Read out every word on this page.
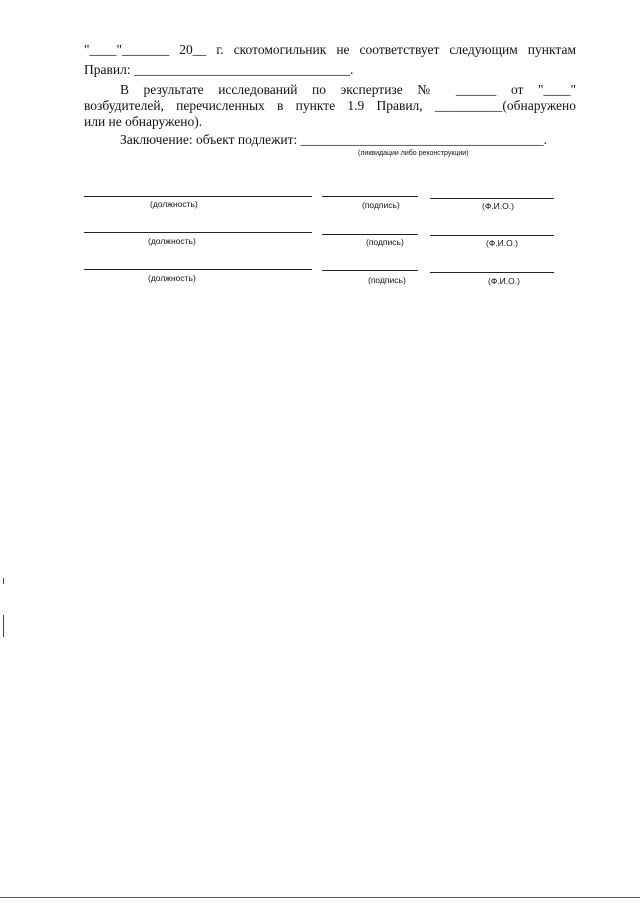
"____"_______ 20__ г. скотомогильник не соответствует следующим пунктам
Правил: ________________________________.
В результате исследований по экспертизе № ______ от "____"
возбудителей, перечисленных в пункте 1.9 Правил, __________(обнаружено
или не обнаружено).
Заключение: объект подлежит: ____________________________________.
(ликвидации либо реконструкции)
(должность)	(подпись)	(Ф.И.О.)
(должность)	(подпись)	(Ф.И.О.)
(должность)	(подпись)	(Ф.И.О.)
